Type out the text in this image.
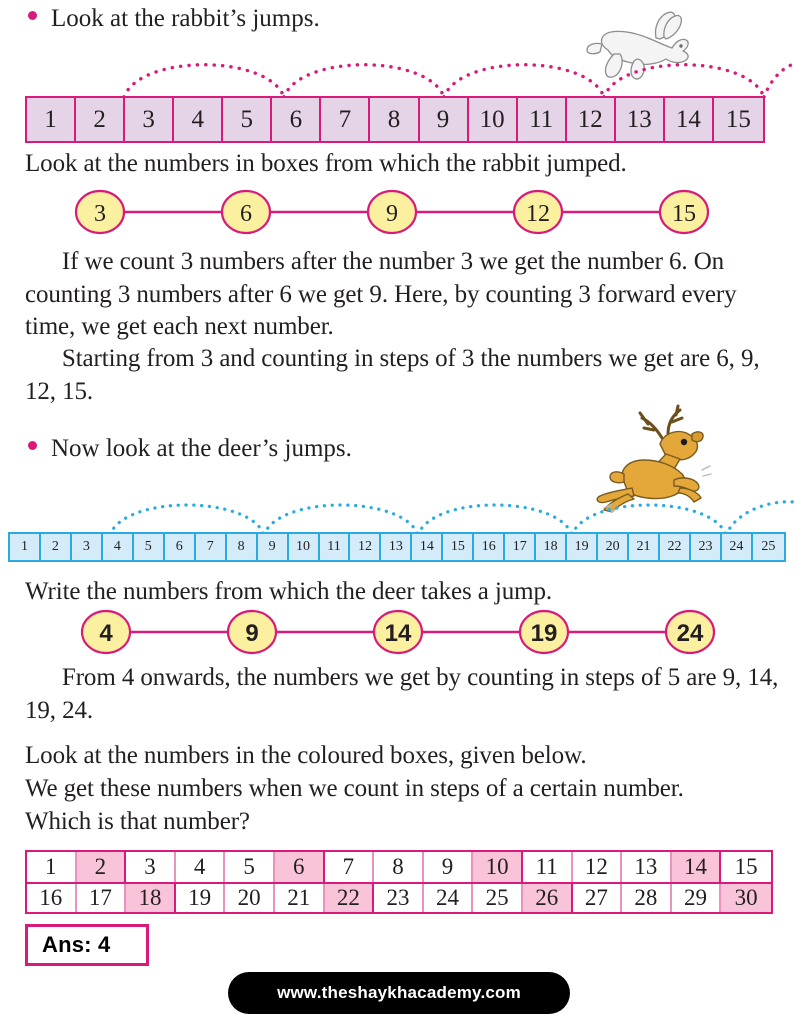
Look at the rabbit’s jumps.
1	2	3	4	5	6	7	8	9	10 11 12 13 14	15
Look at the numbers in boxes from which the rabbit jumped.
3	6	9	12	15
If we count 3 numbers after the number 3 we get the number 6. On counting 3 numbers after 6 we get 9. Here, by counting 3 forward every time, we get each next number.
Starting from 3 and counting in steps of 3 the numbers we get are 6, 9, 12, 15.
Now look at the deer’s jumps.
1	2	3	4	5	6	7	8	9	10	11	12	13	14	15	16	17	18	19	20	21	22	23	24	25
Write the numbers from which the deer takes a jump.
4	9	14	19	24
From 4 onwards, the numbers we get by counting in steps of 5 are 9, 14, 19, 24.
Look at the numbers in the coloured boxes, given below.
We get these numbers when we count in steps of a certain number.
Which is that number?
1	2	3	4	5	6	7	8	9	10	11	12	13	14	15
16	17	18	19	20	21	22	23	24	25	26	27	28	29	30
Ans: 4
www.theshaykhacademy.com
